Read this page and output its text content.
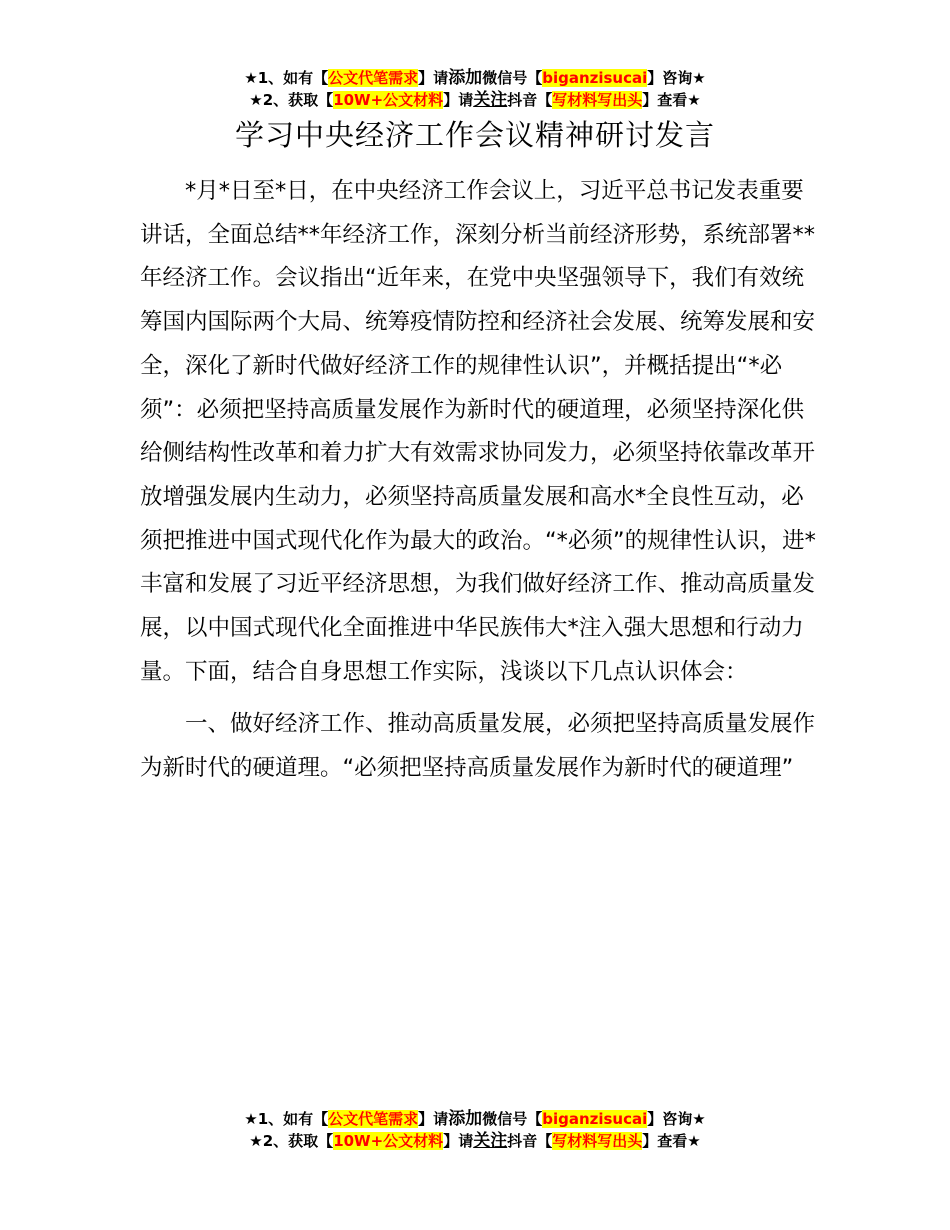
★1、如有【公文代笔需求】请添加微信号【biganzisucai】咨询★
★2、获取【10W+公文材料】请关注抖音【写材料写出头】查看★
学习中央经济工作会议精神研讨发言

*月*日至*日，在中央经济工作会议上，习近平总书记发表重要讲话，全面总结**年经济工作，深刻分析当前经济形势，系统部署**年经济工作。会议指出“近年来，在党中央坚强领导下，我们有效统筹国内国际两个大局、统筹疫情防控和经济社会发展、统筹发展和安全，深化了新时代做好经济工作的规律性认识”，并概括提出“*必须”：必须把坚持高质量发展作为新时代的硬道理，必须坚持深化供给侧结构性改革和着力扩大有效需求协同发力，必须坚持依靠改革开放增强发展内生动力，必须坚持高质量发展和高水*全良性互动，必须把推进中国式现代化作为最大的政治。“*必须”的规律性认识，进*丰富和发展了习近平经济思想，为我们做好经济工作、推动高质量发展，以中国式现代化全面推进中华民族伟大*注入强大思想和行动力量。下面，结合自身思想工作实际，浅谈以下几点认识体会：

一、做好经济工作、推动高质量发展，必须把坚持高质量发展作为新时代的硬道理。“必须把坚持高质量发展作为新时代的硬道理”

★1、如有【公文代笔需求】请添加微信号【biganzisucai】咨询★
★2、获取【10W+公文材料】请关注抖音【写材料写出头】查看★
